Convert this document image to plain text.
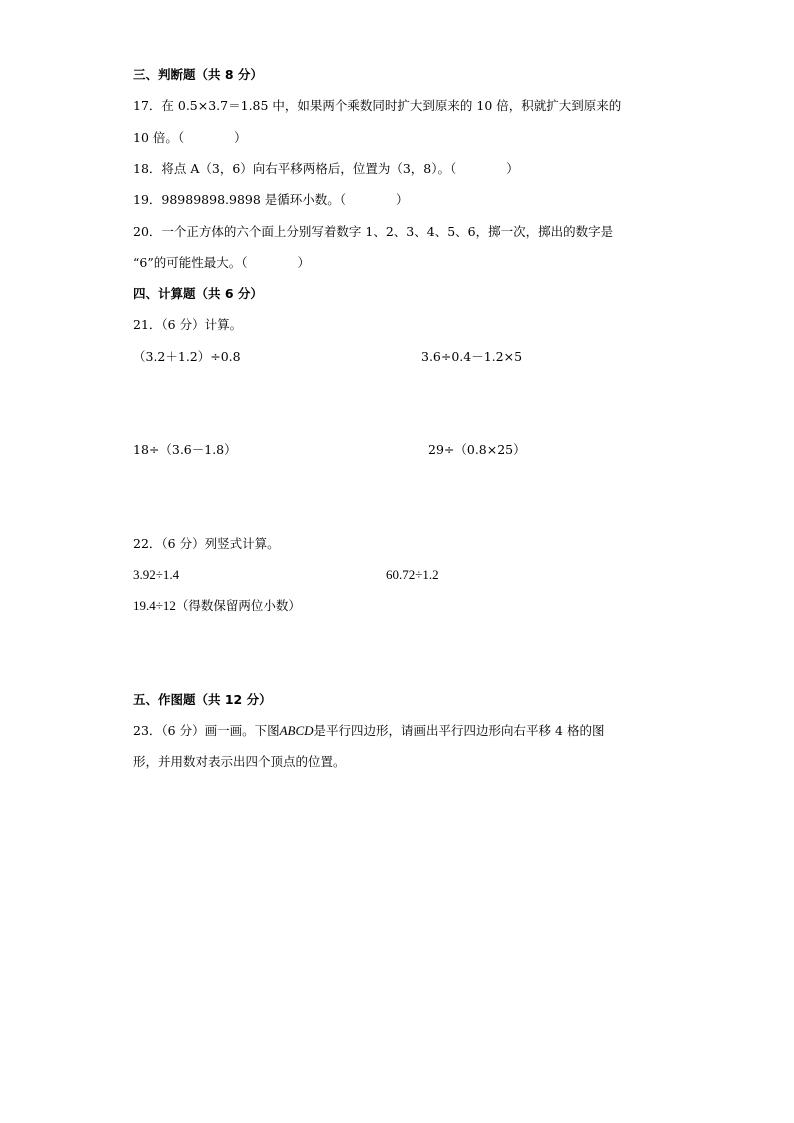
三、判断题（共 8 分）
17．在 0.5×3.7＝1.85 中，如果两个乘数同时扩大到原来的 10 倍，积就扩大到原来的
10 倍。（　　　　）
18．将点 A（3，6）向右平移两格后，位置为（3，8）。（　　　　）
19．98989898.9898 是循环小数。（　　　　）
20．一个正方体的六个面上分别写着数字 1、2、3、4、5、6，掷一次，掷出的数字是
“6”的可能性最大。（　　　　）
四、计算题（共 6 分）
21．（6 分）计算。
（3.2＋1.2）÷0.8	3.6÷0.4－1.2×5
18÷（3.6－1.8）	29÷（0.8×25）
22．（6 分）列竖式计算。
3.92÷1.4	60.72÷1.2
19.4÷12（得数保留两位小数）
五、作图题（共 12 分）
23．（6 分）画一画。下图ABCD是平行四边形，请画出平行四边形向右平移 4 格的图
形，并用数对表示出四个顶点的位置。
